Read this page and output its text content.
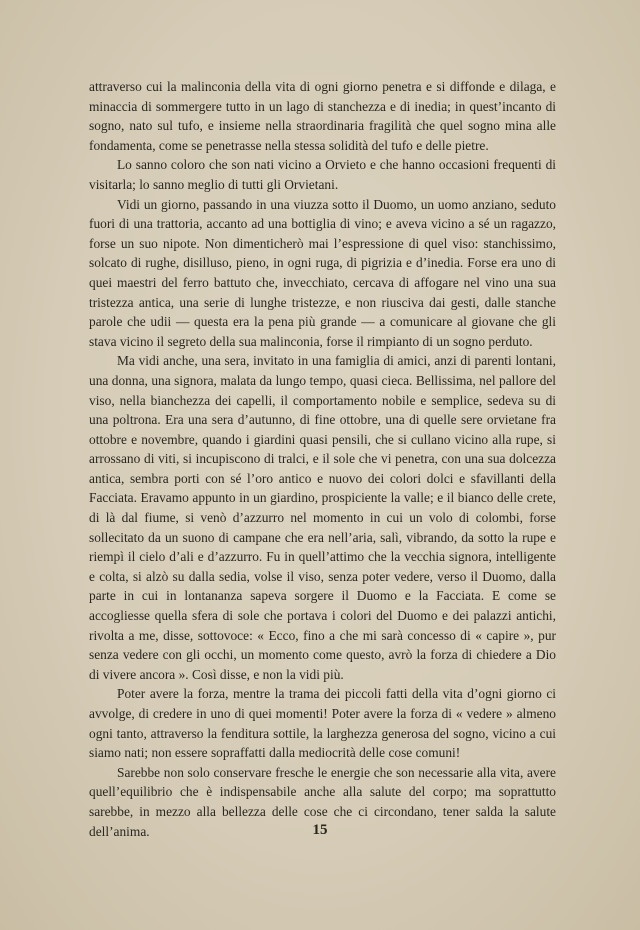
attraverso cui la malinconia della vita di ogni giorno penetra e si diffonde e dilaga, e minaccia di sommergere tutto in un lago di stanchezza e di inedia; in quest’incanto di sogno, nato sul tufo, e insieme nella straordinaria fragilità che quel sogno mina alle fondamenta, come se penetrasse nella stessa solidità del tufo e delle pietre.

Lo sanno coloro che son nati vicino a Orvieto e che hanno occasioni frequenti di visitarla; lo sanno meglio di tutti gli Orvietani.

Vidi un giorno, passando in una viuzza sotto il Duomo, un uomo anziano, seduto fuori di una trattoria, accanto ad una bottiglia di vino; e aveva vicino a sé un ragazzo, forse un suo nipote. Non dimenticherò mai l’espressione di quel viso: stanchissimo, solcato di rughe, disilluso, pieno, in ogni ruga, di pigrizia e d’inedia. Forse era uno di quei maestri del ferro battuto che, invecchiato, cercava di affogare nel vino una sua tristezza antica, una serie di lunghe tristezze, e non riusciva dai gesti, dalle stanche parole che udii — questa era la pena più grande — a comunicare al giovane che gli stava vicino il segreto della sua malinconia, forse il rimpianto di un sogno perduto.

Ma vidi anche, una sera, invitato in una famiglia di amici, anzi di parenti lontani, una donna, una signora, malata da lungo tempo, quasi cieca. Bellissima, nel pallore del viso, nella bianchezza dei capelli, il comportamento nobile e semplice, sedeva su di una poltrona. Era una sera d’autunno, di fine ottobre, una di quelle sere orvietane fra ottobre e novembre, quando i giardini quasi pensili, che si cullano vicino alla rupe, si arrossano di viti, si incupiscono di tralci, e il sole che vi penetra, con una sua dolcezza antica, sembra porti con sé l’oro antico e nuovo dei colori dolci e sfavillanti della Facciata. Eravamo appunto in un giardino, prospiciente la valle; e il bianco delle crete, di là dal fiume, si venò d’azzurro nel momento in cui un volo di colombi, forse sollecitato da un suono di campane che era nell’aria, salì, vibrando, da sotto la rupe e riempì il cielo d’ali e d’azzurro. Fu in quell’attimo che la vecchia signora, intelligente e colta, si alzò su dalla sedia, volse il viso, senza poter vedere, verso il Duomo, dalla parte in cui in lontananza sapeva sorgere il Duomo e la Facciata. E come se accogliesse quella sfera di sole che portava i colori del Duomo e dei palazzi antichi, rivolta a me, disse, sottovoce: « Ecco, fino a che mi sarà concesso di « capire », pur senza vedere con gli occhi, un momento come questo, avrò la forza di chiedere a Dio di vivere ancora ». Così disse, e non la vidi più.

Poter avere la forza, mentre la trama dei piccoli fatti della vita d’ogni giorno ci avvolge, di credere in uno di quei momenti! Poter avere la forza di « vedere » almeno ogni tanto, attraverso la fenditura sottile, la larghezza generosa del sogno, vicino a cui siamo nati; non essere sopraffatti dalla mediocrità delle cose comuni!

Sarebbe non solo conservare fresche le energie che son necessarie alla vita, avere quell’equilibrio che è indispensabile anche alla salute del corpo; ma soprattutto sarebbe, in mezzo alla bellezza delle cose che ci circondano, tener salda la salute dell’anima.	15
